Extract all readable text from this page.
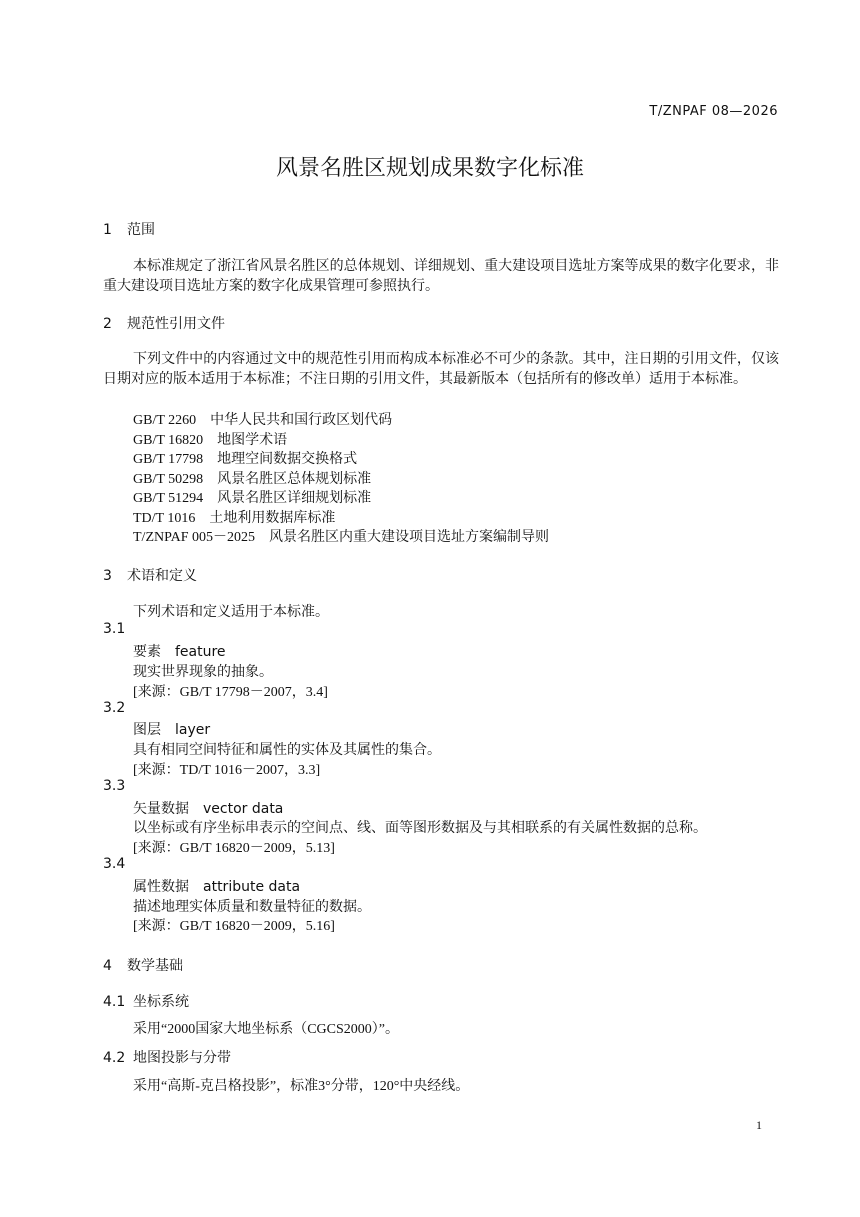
T/ZNPAF 08—2026
风景名胜区规划成果数字化标准
1 范围
本标准规定了浙江省风景名胜区的总体规划、详细规划、重大建设项目选址方案等成果的数字化要求，非重大建设项目选址方案的数字化成果管理可参照执行。
2 规范性引用文件
下列文件中的内容通过文中的规范性引用而构成本标准必不可少的条款。其中，注日期的引用文件，仅该日期对应的版本适用于本标准；不注日期的引用文件，其最新版本（包括所有的修改单）适用于本标准。
GB/T 2260　中华人民共和国行政区划代码
GB/T 16820　地图学术语
GB/T 17798　地理空间数据交换格式
GB/T 50298　风景名胜区总体规划标准
GB/T 51294　风景名胜区详细规划标准
TD/T 1016　土地利用数据库标准
T/ZNPAF 005－2025　风景名胜区内重大建设项目选址方案编制导则
3 术语和定义
下列术语和定义适用于本标准。
3.1
要素 feature
现实世界现象的抽象。
[来源：GB/T 17798－2007，3.4]
3.2
图层 layer
具有相同空间特征和属性的实体及其属性的集合。
[来源：TD/T 1016－2007，3.3]
3.3
矢量数据 vector data
以坐标或有序坐标串表示的空间点、线、面等图形数据及与其相联系的有关属性数据的总称。
[来源：GB/T 16820－2009，5.13]
3.4
属性数据 attribute data
描述地理实体质量和数量特征的数据。
[来源：GB/T 16820－2009，5.16]
4 数学基础
4.1 坐标系统
采用“2000国家大地坐标系（CGCS2000）”。
4.2 地图投影与分带
采用“高斯-克吕格投影”，标准3°分带，120°中央经线。
1
